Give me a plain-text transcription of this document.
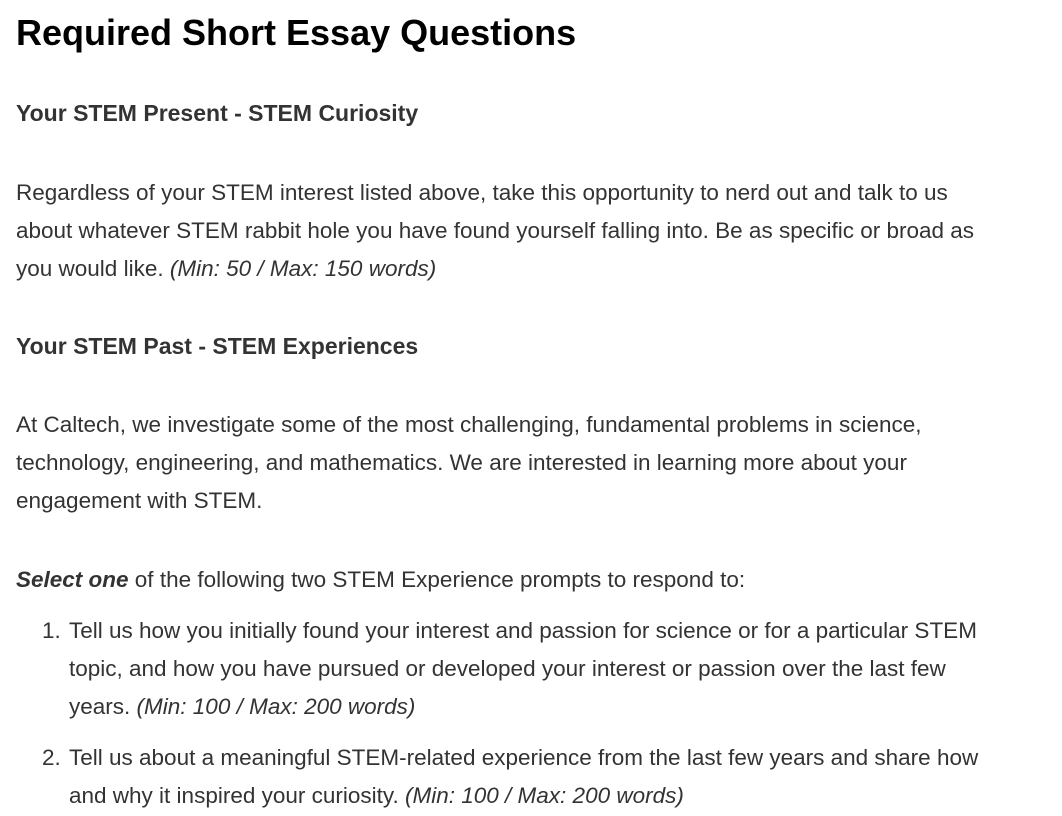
Required Short Essay Questions
Your STEM Present - STEM Curiosity

Regardless of your STEM interest listed above, take this opportunity to nerd out and talk to us
about whatever STEM rabbit hole you have found yourself falling into. Be as specific or broad as
you would like. (Min: 50 / Max: 150 words)

Your STEM Past - STEM Experiences

At Caltech, we investigate some of the most challenging, fundamental problems in science,
technology, engineering, and mathematics. We are interested in learning more about your
engagement with STEM.

Select one of the following two STEM Experience prompts to respond to:

1. Tell us how you initially found your interest and passion for science or for a particular STEM
topic, and how you have pursued or developed your interest or passion over the last few
years. (Min: 100 / Max: 200 words)
2. Tell us about a meaningful STEM-related experience from the last few years and share how
and why it inspired your curiosity. (Min: 100 / Max: 200 words)
